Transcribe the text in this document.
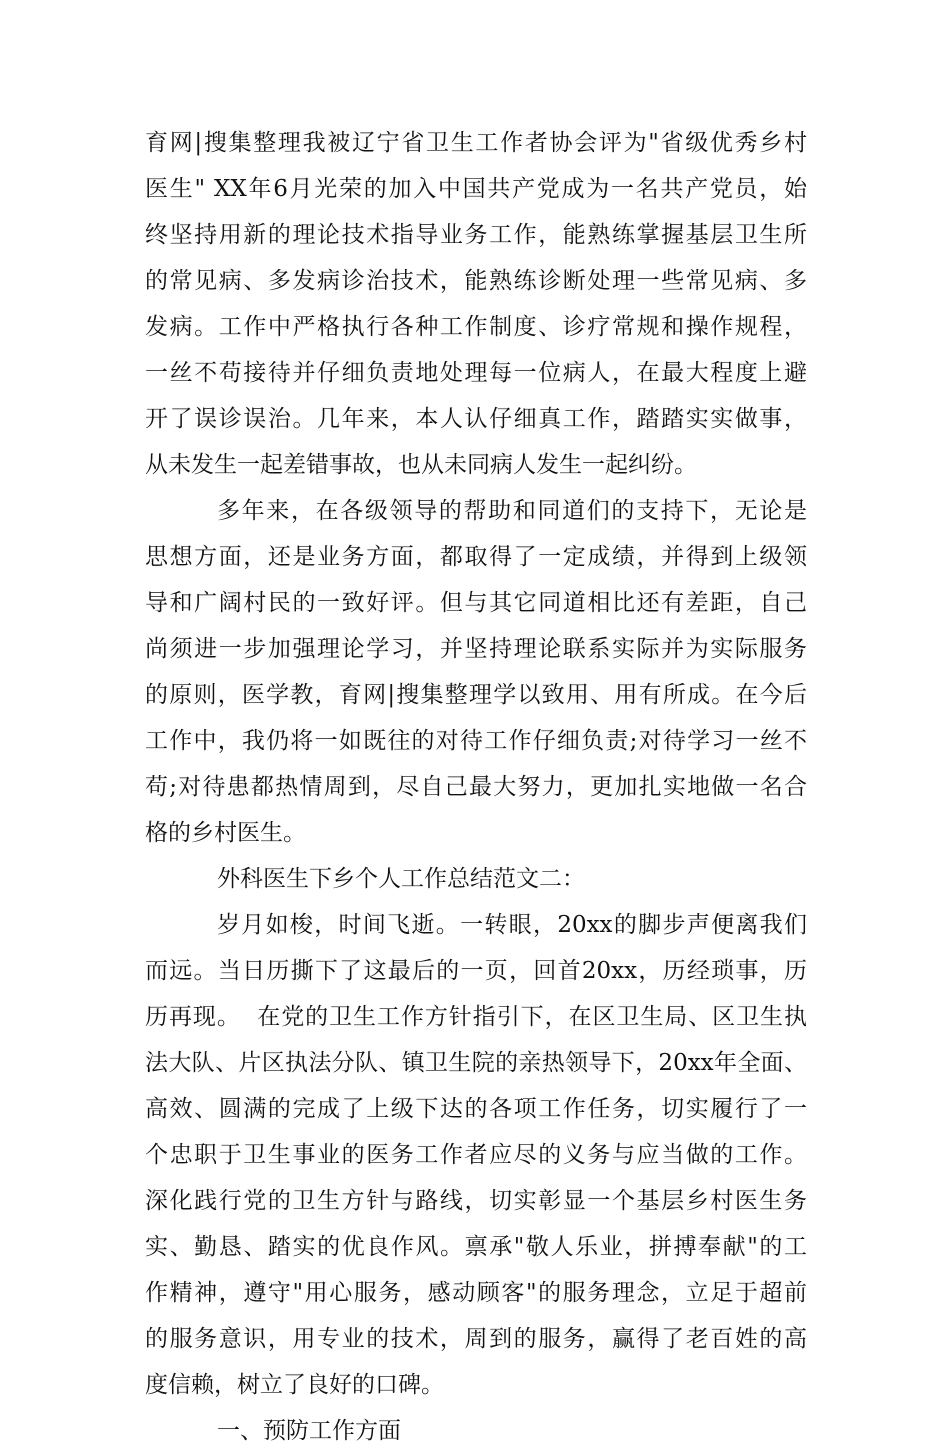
育网|搜集整理我被辽宁省卫生工作者协会评为"省级优秀乡村
医生" XX年6月光荣的加入中国共产党成为一名共产党员，始
终坚持用新的理论技术指导业务工作，能熟练掌握基层卫生所
的常见病、多发病诊治技术，能熟练诊断处理一些常见病、多
发病。工作中严格执行各种工作制度、诊疗常规和操作规程，
一丝不苟接待并仔细负责地处理每一位病人，在最大程度上避
开了误诊误治。几年来，本人认仔细真工作，踏踏实实做事，
从未发生一起差错事故，也从未同病人发生一起纠纷。
多年来，在各级领导的帮助和同道们的支持下，无论是
思想方面，还是业务方面，都取得了一定成绩，并得到上级领
导和广阔村民的一致好评。但与其它同道相比还有差距，自己
尚须进一步加强理论学习，并坚持理论联系实际并为实际服务
的原则，医学教，育网|搜集整理学以致用、用有所成。在今后
工作中，我仍将一如既往的对待工作仔细负责;对待学习一丝不
苟;对待患都热情周到，尽自己最大努力，更加扎实地做一名合
格的乡村医生。
外科医生下乡个人工作总结范文二：
岁月如梭，时间飞逝。一转眼，20xx的脚步声便离我们
而远。当日历撕下了这最后的一页，回首20xx，历经琐事，历
历再现。  在党的卫生工作方针指引下，在区卫生局、区卫生执
法大队、片区执法分队、镇卫生院的亲热领导下，20xx年全面、
高效、圆满的完成了上级下达的各项工作任务，切实履行了一
个忠职于卫生事业的医务工作者应尽的义务与应当做的工作。
深化践行党的卫生方针与路线，切实彰显一个基层乡村医生务
实、勤恳、踏实的优良作风。禀承"敬人乐业，拼搏奉献"的工
作精神，遵守"用心服务，感动顾客"的服务理念，立足于超前
的服务意识，用专业的技术，周到的服务，赢得了老百姓的高
度信赖，树立了良好的口碑。
一、预防工作方面
